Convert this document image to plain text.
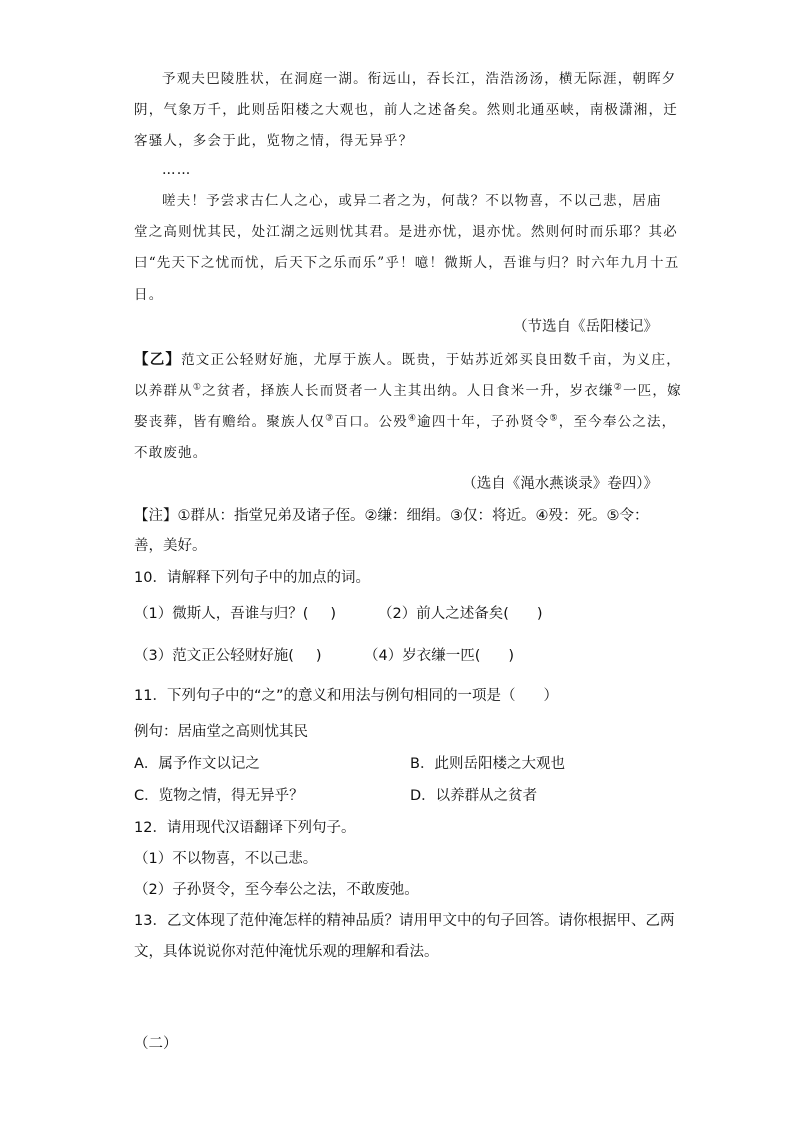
予观夫巴陵胜状，在洞庭一湖。衔远山，吞长江，浩浩汤汤，横无际涯，朝晖夕
阴，气象万千，此则岳阳楼之大观也，前人之述备矣。然则北通巫峡，南极潇湘，迁
客骚人，多会于此，览物之情，得无异乎？
……
嗟夫！予尝求古仁人之心，或异二者之为，何哉？不以物喜，不以己悲，居庙
堂之高则忧其民，处江湖之远则忧其君。是进亦忧，退亦忧。然则何时而乐耶？其必
曰“先天下之忧而忧，后天下之乐而乐”乎！噫！微斯人，吾谁与归？时六年九月十五
日。
（节选自《岳阳楼记》
【乙】范文正公轻财好施，尤厚于族人。既贵，于姑苏近郊买良田数千亩，为义庄，
以养群从①之贫者，择族人长而贤者一人主其出纳。人日食米一升，岁衣缣②一匹，嫁
娶丧葬，皆有赡给。聚族人仅③百口。公殁④逾四十年，子孙贤令⑤，至今奉公之法，
不敢废弛。
（选自《渑水燕谈录》卷四）》
【注】①群从：指堂兄弟及诸子侄。②缣：细绢。③仅：将近。④殁：死。⑤令：
善，美好。
10．请解释下列句子中的加点的词。
（1）微斯人，吾谁与归？( )	（2）前人之述备矣( )
（3）范文正公轻财好施( )	（4）岁衣缣一匹( )
11．下列句子中的“之”的意义和用法与例句相同的一项是（ ）
例句：居庙堂之高则忧其民
A．属予作文以记之	B．此则岳阳楼之大观也
C．览物之情，得无异乎？	D．以养群从之贫者
12．请用现代汉语翻译下列句子。
（1）不以物喜，不以己悲。
（2）子孙贤令，至今奉公之法，不敢废弛。
13．乙文体现了范仲淹怎样的精神品质？请用甲文中的句子回答。请你根据甲、乙两
文，具体说说你对范仲淹忧乐观的理解和看法。
（二）
